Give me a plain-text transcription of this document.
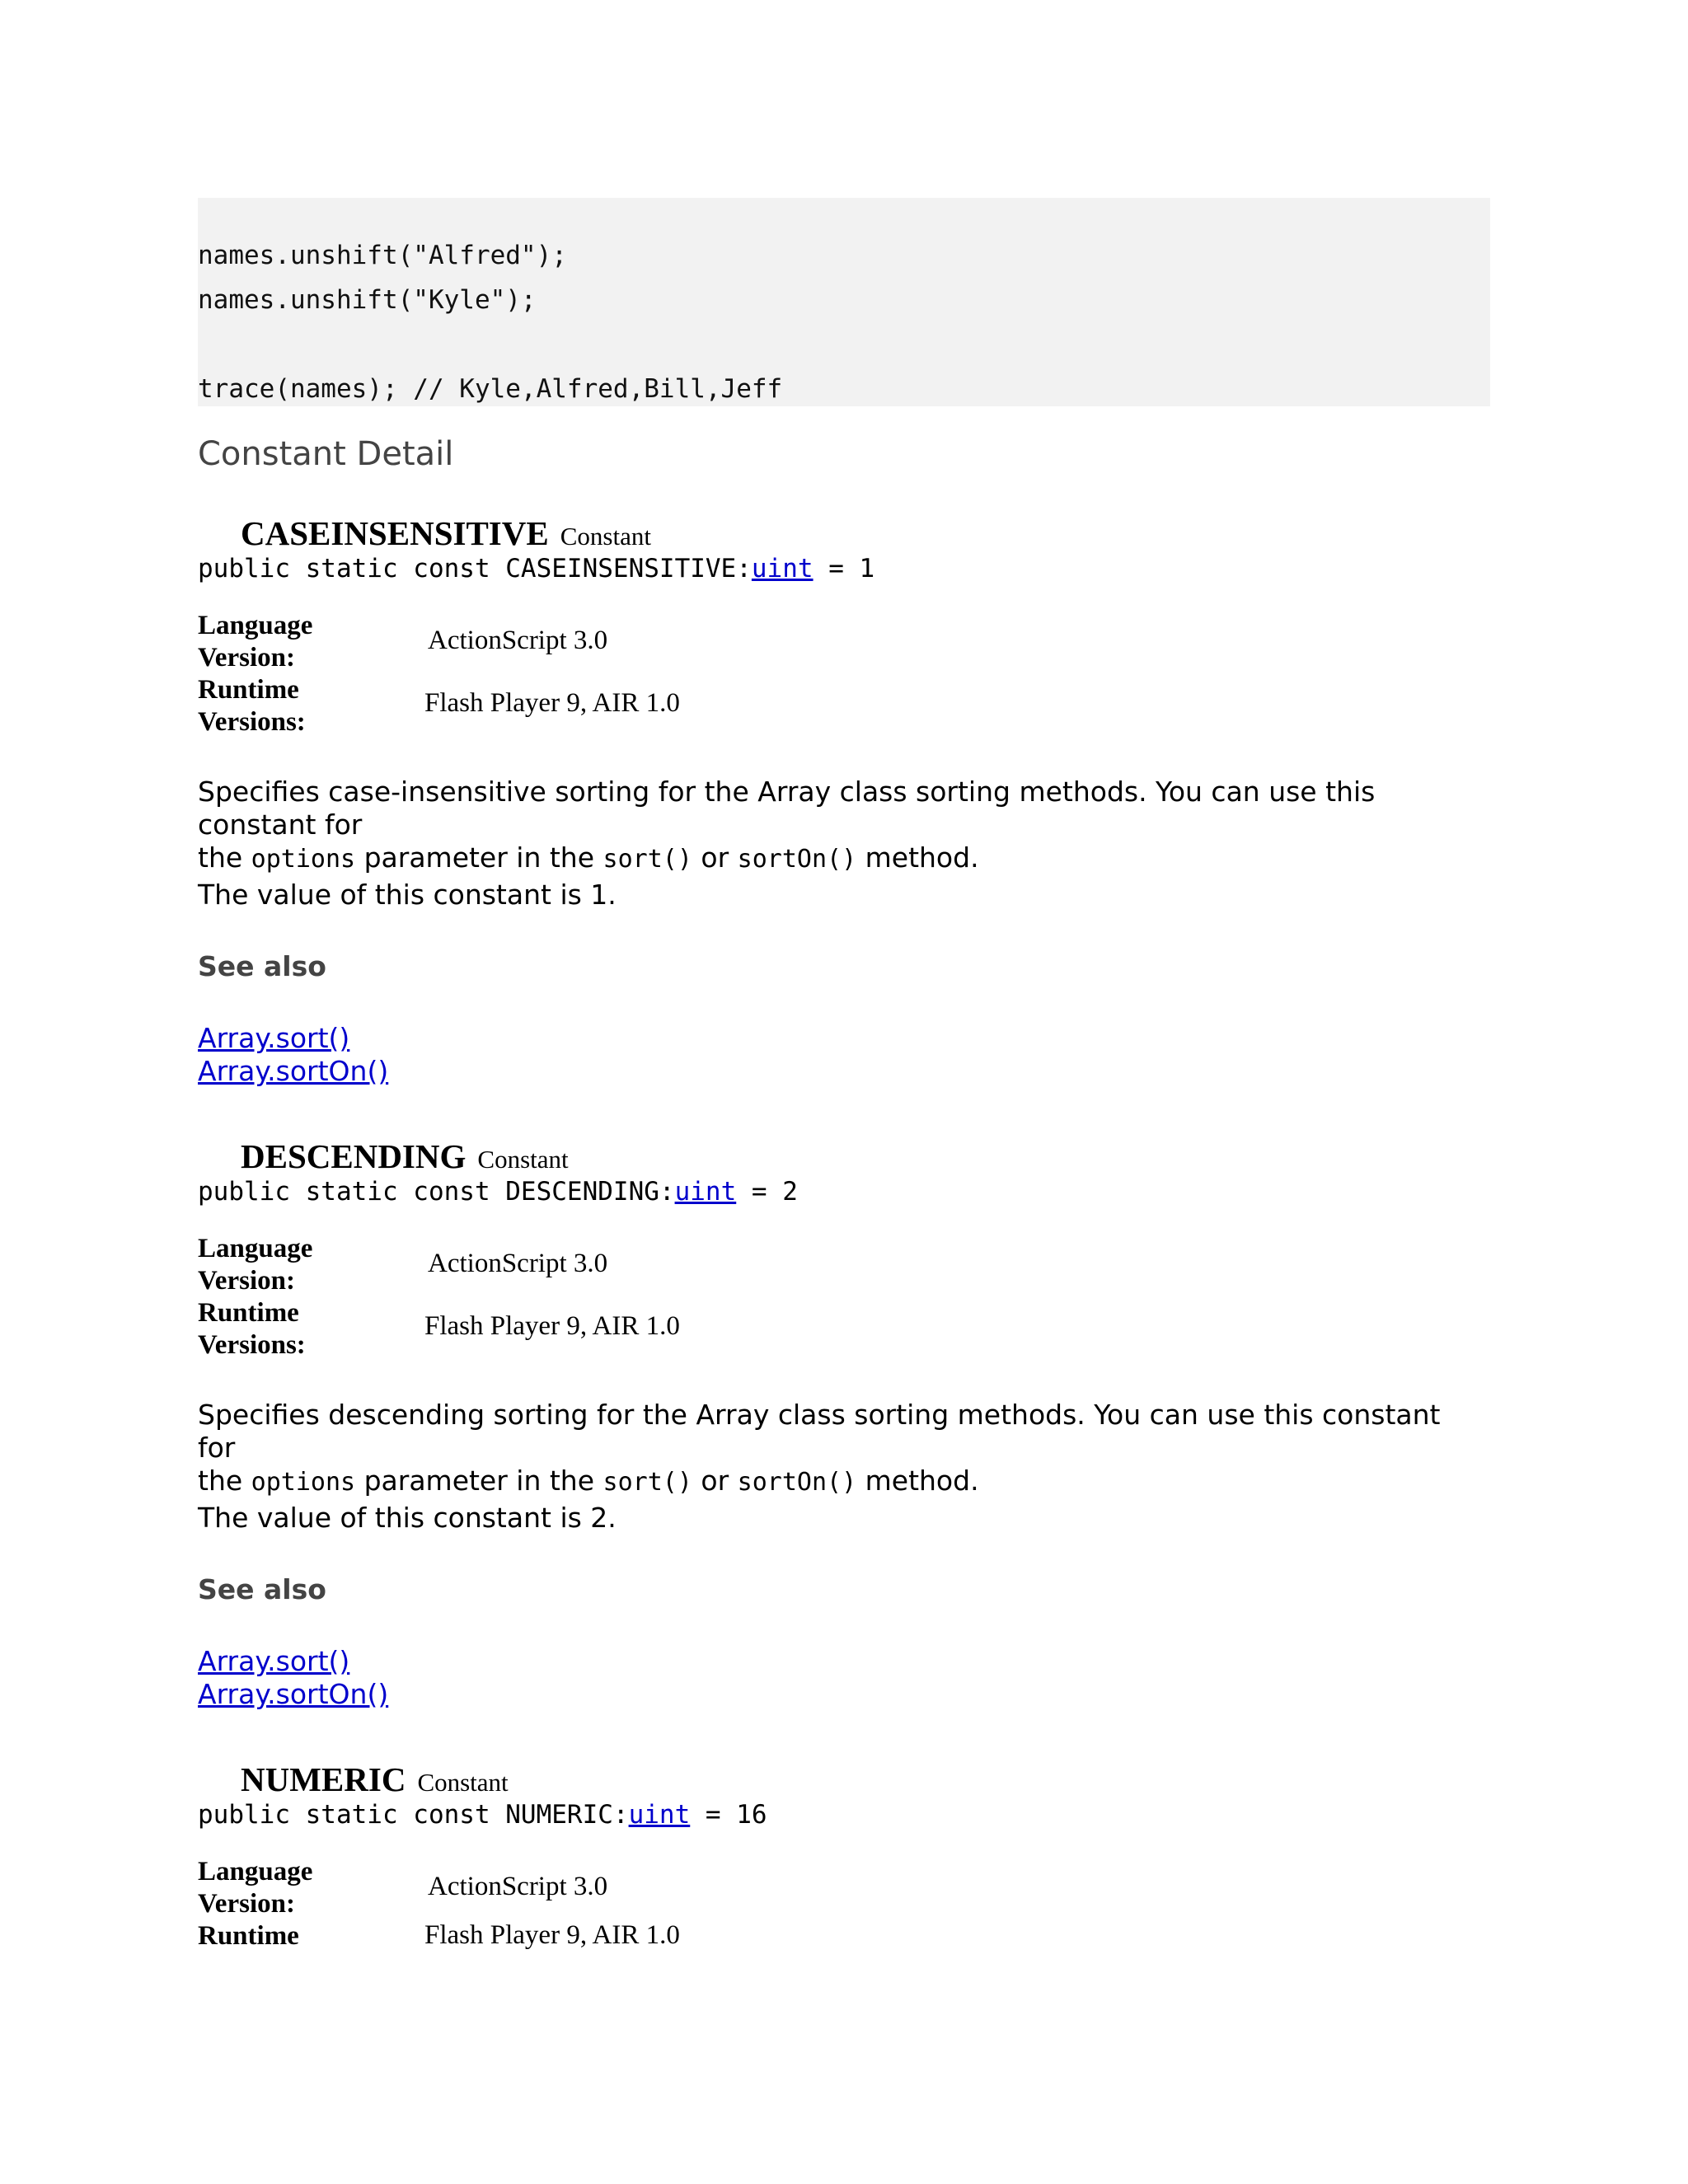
names.unshift("Alfred");
names.unshift("Kyle");
trace(names); // Kyle,Alfred,Bill,Jeff
Constant Detail
CASEINSENSITIVE Constant
public static const CASEINSENSITIVE:uint = 1
Language
Version:
ActionScript 3.0
Runtime
Versions:
Flash Player 9, AIR 1.0
Specifies case-insensitive sorting for the Array class sorting methods. You can use this constant for
the options parameter in the sort() or sortOn() method.
The value of this constant is 1.
See also
Array.sort()
Array.sortOn()
DESCENDING Constant
public static const DESCENDING:uint = 2
Language
Version:
ActionScript 3.0
Runtime
Versions:
Flash Player 9, AIR 1.0
Specifies descending sorting for the Array class sorting methods. You can use this constant for
the options parameter in the sort() or sortOn() method.
The value of this constant is 2.
See also
Array.sort()
Array.sortOn()
NUMERIC Constant
public static const NUMERIC:uint = 16
Language
Version:
ActionScript 3.0
Runtime	Flash Player 9, AIR 1.0
